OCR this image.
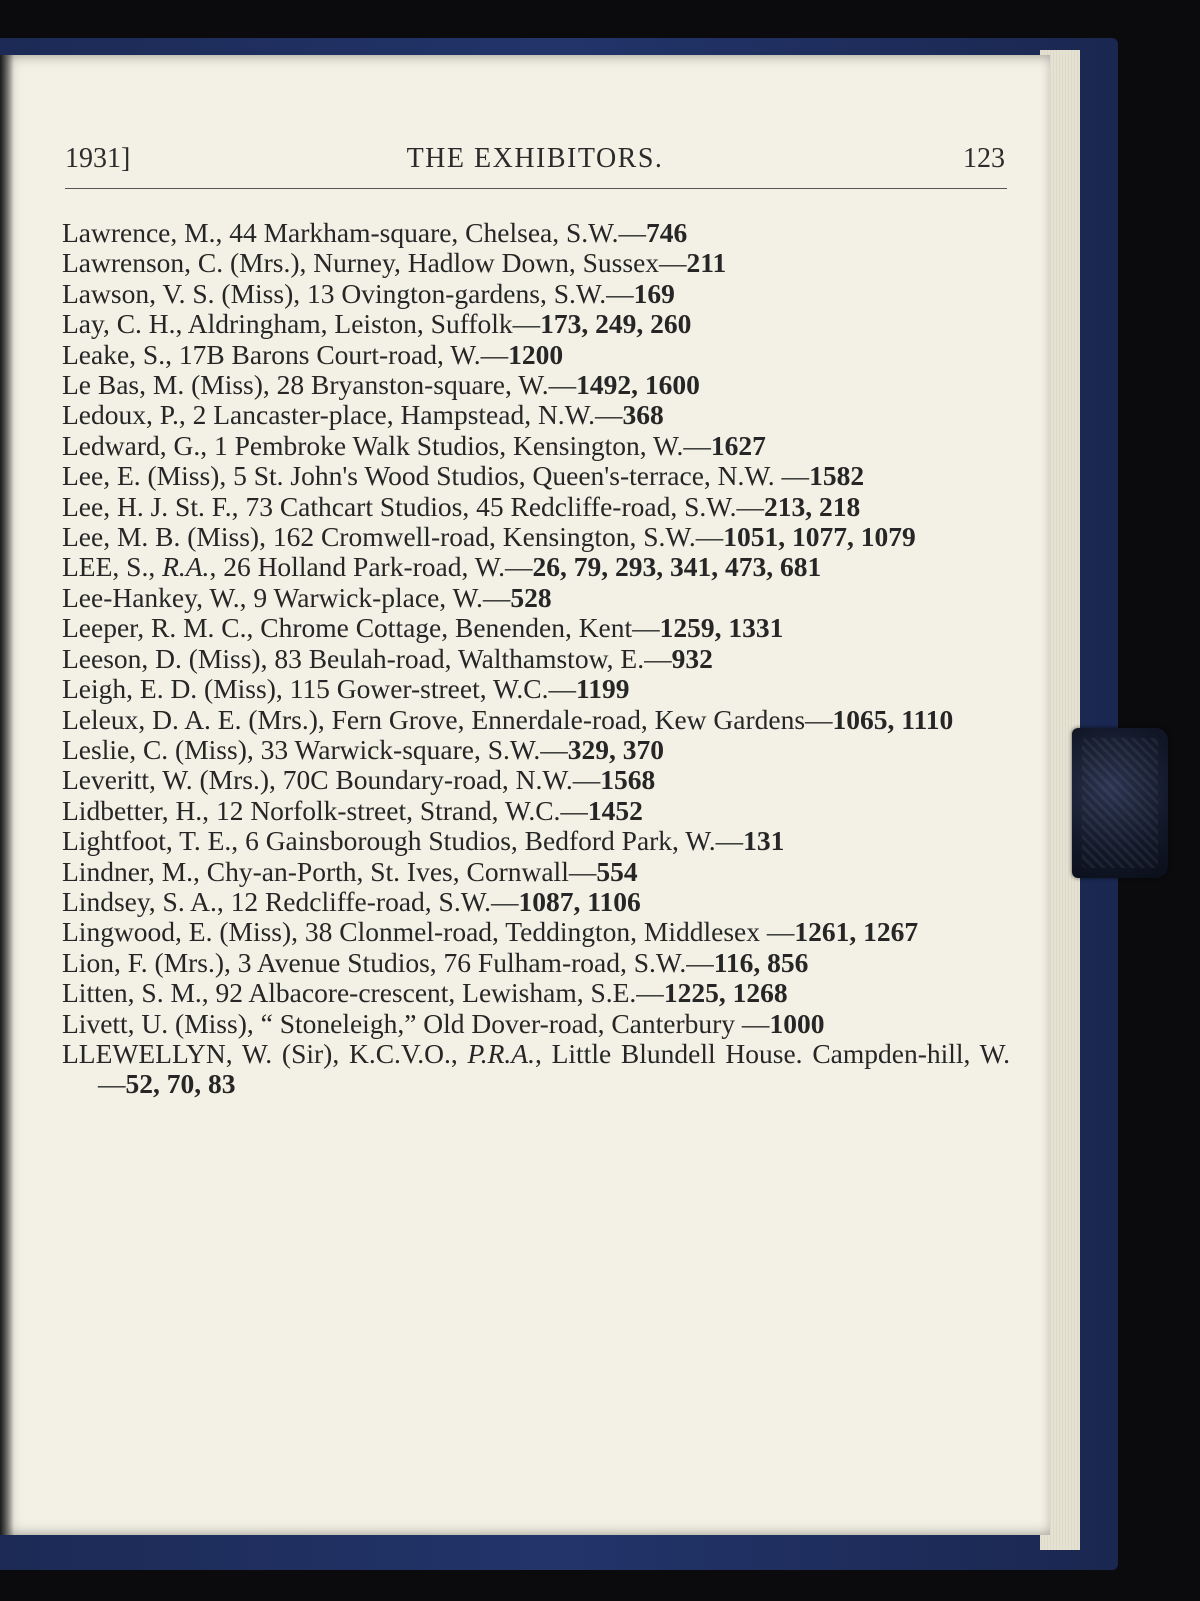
1931]	THE EXHIBITORS.	123
Lawrence, M., 44 Markham-square, Chelsea, S.W.—746
Lawrenson, C. (Mrs.), Nurney, Hadlow Down, Sussex—211
Lawson, V. S. (Miss), 13 Ovington-gardens, S.W.—169
Lay, C. H., Aldringham, Leiston, Suffolk—173, 249, 260
Leake, S., 17B Barons Court-road, W.—1200
Le Bas, M. (Miss), 28 Bryanston-square, W.—1492, 1600
Ledoux, P., 2 Lancaster-place, Hampstead, N.W.—368
Ledward, G., 1 Pembroke Walk Studios, Kensington, W.—1627
Lee, E. (Miss), 5 St. John's Wood Studios, Queen's-terrace, N.W. —1582
Lee, H. J. St. F., 73 Cathcart Studios, 45 Redcliffe-road, S.W.—213, 218
Lee, M. B. (Miss), 162 Cromwell-road, Kensington, S.W.—1051, 1077, 1079
LEE, S., R.A., 26 Holland Park-road, W.—26, 79, 293, 341, 473, 681
Lee-Hankey, W., 9 Warwick-place, W.—528
Leeper, R. M. C., Chrome Cottage, Benenden, Kent—1259, 1331
Leeson, D. (Miss), 83 Beulah-road, Walthamstow, E.—932
Leigh, E. D. (Miss), 115 Gower-street, W.C.—1199
Leleux, D. A. E. (Mrs.), Fern Grove, Ennerdale-road, Kew Gardens—1065, 1110
Leslie, C. (Miss), 33 Warwick-square, S.W.—329, 370
Leveritt, W. (Mrs.), 70C Boundary-road, N.W.—1568
Lidbetter, H., 12 Norfolk-street, Strand, W.C.—1452
Lightfoot, T. E., 6 Gainsborough Studios, Bedford Park, W.—131
Lindner, M., Chy-an-Porth, St. Ives, Cornwall—554
Lindsey, S. A., 12 Redcliffe-road, S.W.—1087, 1106
Lingwood, E. (Miss), 38 Clonmel-road, Teddington, Middlesex —1261, 1267
Lion, F. (Mrs.), 3 Avenue Studios, 76 Fulham-road, S.W.—116, 856
Litten, S. M., 92 Albacore-crescent, Lewisham, S.E.—1225, 1268
Livett, U. (Miss), “ Stoneleigh,” Old Dover-road, Canterbury —1000
LLEWELLYN, W. (Sir), K.C.V.O., P.R.A., Little Blundell House. Campden-hill, W.—52, 70, 83
